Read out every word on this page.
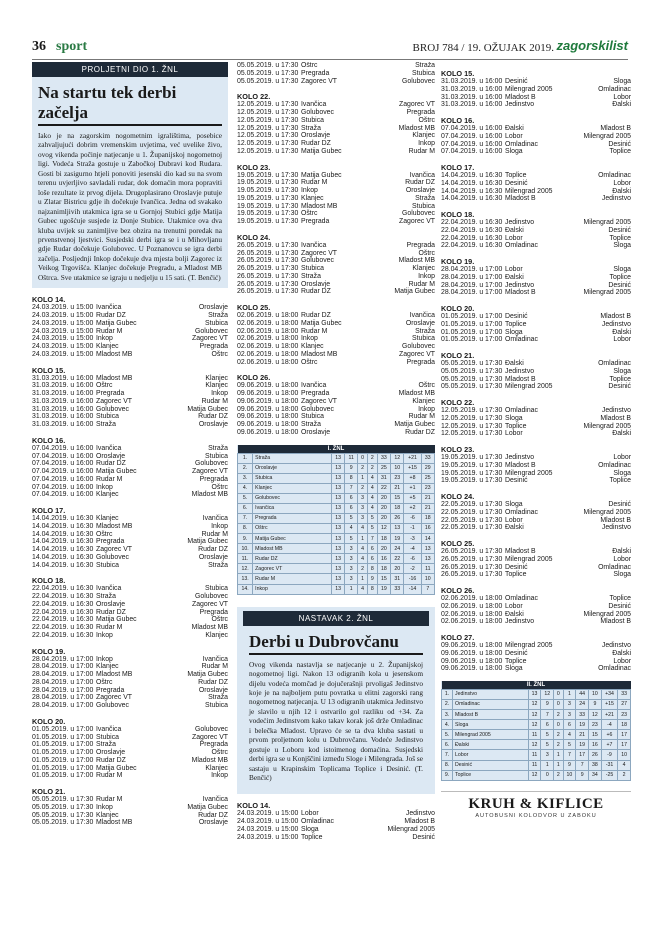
36 sport	BROJ 784 / 19. OŽUJAK 2019. zagorskilist
PROLJETNI DIO 1. ŽNL
Na startu tek derbi začelja

Iako je na zagorskim nogometnim igralištima, posebice zahvaljujući dobrim vremenskim uvjetima, već uvelike živo, ovog vikenda počinje natjecanje u 1. Županijskoj nogometnoj ligi. Vodeća Straža gostuje u Zabočkoj Dubravi kod Rudara. Gosti bi zasigurno htjeli ponoviti jesenski dio kad su na svom terenu uvjerljivo savladali rudar, dok domaćin mora popraviti loše rezultate iz prvog dijela. Drugoplasirano Oroslavje putuje u Zlatar Bistricu gdje ih dočekuje Ivančica. Jedna od svakako najzanimljivih utakmica igra se u Gornjoj Stubici gdje Matija Gubec ugošćuje susjede iz Donje Stubice. Utakmice ova dva kluba uvijek su zanimljive bez obzira na trenutni poredak na prvenstvenoj ljestvici. Susjedski derbi igra se i u Mihovljanu gdje Rudar dočekuje Golubovec. U Poznanovcu se igra derbi začelja. Posljednji Inkop dočekuje dva mjesta bolji Zagorec iz Veikog Trgovišća. Klanjec dočekuje Pregradu, a Mladost MB Oštrca. Sve utakmice se igraju u nedjelju u 15 sati. (T. Benčić)

KOLO 14.
24.03.2019. u 15:00 Ivančica	Oroslavje
24.03.2019. u 15:00 Rudar DZ	Straža
24.03.2019. u 15:00 Matija Gubec	Stubica
24.03.2019. u 15:00 Rudar M	Golubovec
24.03.2019. u 15:00 Inkop	Zagorec VT
24.03.2019. u 15:00 Klanjec	Pregrada
24.03.2019. u 15:00 Mladost MB	Oštrc
KOLO 15.
31.03.2019. u 16:00 Mladost MB	Klanjec
31.03.2019. u 16:00 Oštrc	Klanjec
31.03.2019. u 16:00 Pregrada	Inkop
31.03.2019. u 16:00 Zagorec VT	Rudar M
31.03.2019. u 16:00 Golubovec	Matija Gubec
31.03.2019. u 16:00 Stubica	Rudar DZ
31.03.2019. u 16:00 Straža	Oroslavje
KOLO 16.
07.04.2019. u 16:00 Ivančica	Straža
07.04.2019. u 16:00 Oroslavje	Stubica
07.04.2019. u 16:00 Rudar DZ	Golubovec
07.04.2019. u 16:00 Matija Gubec	Zagorec VT
07.04.2019. u 16:00 Rudar M	Pregrada
07.04.2019. u 16:00 Inkop	Oštrc
07.04.2019. u 16:00 Klanjec	Mladost MB
KOLO 17.
14.04.2019. u 16:30 Klanjec	Ivančica
14.04.2019. u 16:30 Mladost MB	Inkop
14.04.2019. u 16:30 Oštrc	Rudar M
14.04.2019. u 16:30 Pregrada	Matija Gubec
14.04.2019. u 16:30 Zagorec VT	Rudar DZ
14.04.2019. u 16:30 Golubovec	Oroslavje
14.04.2019. u 16:30 Stubica	Straža
KOLO 18.
22.04.2019. u 16:30 Ivančica	Stubica
22.04.2019. u 16:30 Straža	Golubovec
22.04.2019. u 16:30 Oroslavje	Zagorec VT
22.04.2019. u 16:30 Rudar DZ	Pregrada
22.04.2019. u 16:30 Matija Gubec	Oštrc
22.04.2019. u 16:30 Rudar M	Mladost MB
22.04.2019. u 16:30 Inkop	Klanjec
KOLO 19.
28.04.2019. u 17:00 Inkop	Ivančica
28.04.2019. u 17:00 Klanjec	Rudar M
28.04.2019. u 17:00 Mladost MB	Matija Gubec
28.04.2019. u 17:00 Oštrc	Rudar DZ
28.04.2019. u 17:00 Pregrada	Oroslavje
28.04.2019. u 17:00 Zagorec VT	Straža
28.04.2019. u 17:00 Golubovec	Stubica
KOLO 20.
01.05.2019. u 17:00 Ivančica	Golubovec
01.05.2019. u 17:00 Stubica	Zagorec VT
01.05.2019. u 17:00 Straža	Pregrada
01.05.2019. u 17:00 Oroslavje	Oštrc
01.05.2019. u 17:00 Rudar DZ	Mladost MB
01.05.2019. u 17:00 Matija Gubec	Klanjec
01.05.2019. u 17:00 Rudar M	Inkop
KOLO 21.
05.05.2019. u 17:30 Rudar M	Ivančica
05.05.2019. u 17:30 Inkop	Matija Gubec
05.05.2019. u 17:30 Klanjec	Rudar DZ
05.05.2019. u 17:30 Mladost MB	Oroslavje
05.05.2019. u 17:30 Oštrc	Straža
05.05.2019. u 17:30 Pregrada	Stubica
05.05.2019. u 17:30 Zagorec VT	Golubovec
KOLO 22.
12.05.2019. u 17:30 Ivančica	Zagorec VT
12.05.2019. u 17:30 Golubovec	Pregrada
12.05.2019. u 17:30 Stubica	Oštrc
12.05.2019. u 17:30 Straža	Mladost MB
12.05.2019. u 17:30 Oroslavje	Klanjec
12.05.2019. u 17:30 Rudar DZ	Inkop
12.05.2019. u 17:30 Matija Gubec	Rudar M
KOLO 23.
19.05.2019. u 17:30 Matija Gubec	Ivančica
19.05.2019. u 17:30 Rudar M	Rudar DZ
19.05.2019. u 17:30 Inkop	Oroslavje
19.05.2019. u 17:30 Klanjec	Straža
19.05.2019. u 17:30 Mladost MB	Stubica
19.05.2019. u 17:30 Oštrc	Golubovec
19.05.2019. u 17:30 Pregrada	Zagorec VT
KOLO 24.
26.05.2019. u 17:30 Ivančica	Pregrada
26.05.2019. u 17:30 Zagorec VT	Oštrc
26.05.2019. u 17:30 Golubovec	Mladost MB
26.05.2019. u 17:30 Stubica	Klanjec
26.05.2019. u 17:30 Straža	Inkop
26.05.2019. u 17:30 Oroslavje	Rudar M
26.05.2019. u 17:30 Rudar DZ	Matija Gubec
KOLO 25.
02.06.2019. u 18:00 Rudar DZ	Ivančica
02.06.2019. u 18:00 Matija Gubec	Oroslavje
02.06.2019. u 18:00 Rudar M	Straža
02.06.2019. u 18:00 Inkop	Stubica
02.06.2019. u 18:00 Klanjec	Golubovec
02.06.2019. u 18:00 Mladost MB	Zagorec VT
02.06.2019. u 18:00 Oštrc	Pregrada
KOLO 26.
09.06.2019. u 18:00 Ivančica	Oštrc
09.06.2019. u 18:00 Pregrada	Mladost MB
09.06.2019. u 18:00 Zagorec VT	Klanjec
09.06.2019. u 18:00 Golubovec	Inkop
09.06.2019. u 18:00 Stubica	Rudar M
09.06.2019. u 18:00 Straža	Matija Gubec
09.06.2019. u 18:00 Oroslavje	Rudar DZ
I. ŽNL									
1.	Straža	13	11	0	2	33	12	+21	33
2.	Oroslavje	13	9	2	2	25	10	+15	29
3.	Stubica	13	8	1	4	31	23	+8	25
4.	Klanjec	13	7	2	4	22	21	+1	23
5.	Golubovec	13	6	3	4	20	15	+5	21
6.	Ivančica	13	6	3	4	20	18	+2	21
7.	Pregrada	13	5	3	5	20	26	-6	18
8.	Oštrc	13	4	4	5	12	13	-1	16
9.	Matija Gubec	13	5	1	7	18	19	-3	14
10.	Mladost MB	13	3	4	6	20	24	-4	13
11.	Rudar DZ	13	3	4	6	16	22	-6	13
12.	Zagorec VT	13	3	2	8	18	20	-2	11
13.	Rudar M	13	3	1	9	15	31	-16	10
14.	Inkop	13	1	4	8	19	33	-14	7
NASTAVAK 2. ŽNL
Derbi u Dubrovčanu

Ovog vikenda nastavlja se natjecanje u 2. Županijskoj nogometnoj ligi. Nakon 13 odigranih kola u jesenskom dijelu vodeća momčad je dojučerašnji prvoligaš Jedinstvo koje je na najboljem putu povratka u elitni zagorski rang nogometnog natjecanja. U 13 odigranih utakmica Jedinstvo je slavilo u njih 12 i ostvarilo gol razliku od +34. Za vodećim Jedinstvom kako takav korak još drže Omladinac i belečka Mladost. Upravo će se ta dva kluba sastati u prvom proljetnom kolu u Dubrovčanu. Vodeće Jedinstvo gostuje u Loboru kod istoimenog domaćina. Susjedski derbi igra se u Konjščini između Sloge i Milengrada. Još se sastaju u Krapinskim Toplicama Toplice i Desinić. (T. Benčić)

KOLO 14.
24.03.2019. u 15:00 Lobor	Jedinstvo
24.03.2019. u 15:00 Omladinac	Mladost B
24.03.2019. u 15:00 Sloga	Milengrad 2005
24.03.2019. u 15:00 Toplice	Desinić
KOLO 15.
31.03.2019. u 16:00 Desinić	Sloga
31.03.2019. u 16:00 Milengrad 2005	Omladinac
31.03.2019. u 16:00 Mladost B	Lobor
31.03.2019. u 16:00 Jedinstvo	Đalski
KOLO 16.
07.04.2019. u 16:00 Đalski	Mladost B
07.04.2019. u 16:00 Lobor	Milengrad 2005
07.04.2019. u 16:00 Omladinac	Desinić
07.04.2019. u 16:00 Sloga	Toplice
KOLO 17.
14.04.2019. u 16:30 Toplice	Omladinac
14.04.2019. u 16:30 Desinić	Lobor
14.04.2019. u 16:30 Milengrad 2005	Đalski
14.04.2019. u 16:30 Mladost B	Jedinstvo
KOLO 18.
22.04.2019. u 16:30 Jedinstvo	Milengrad 2005
22.04.2019. u 16:30 Đalski	Desinić
22.04.2019. u 16:30 Lobor	Toplice
22.04.2019. u 16:30 Omladinac	Sloga
KOLO 19.
28.04.2019. u 17:00 Lobor	Sloga
28.04.2019. u 17:00 Đalski	Toplice
28.04.2019. u 17:00 Jedinstvo	Desinić
28.04.2019. u 17:00 Mladost B	Milengrad 2005
KOLO 20.
01.05.2019. u 17:00 Desinić	Mladost B
01.05.2019. u 17:00 Toplice	Jedinstvo
01.05.2019. u 17:00 Sloga	Đalski
01.05.2019. u 17:00 Omladinac	Lobor
KOLO 21.
05.05.2019. u 17:30 Đalski	Omladinac
05.05.2019. u 17:30 Jedinstvo	Sloga
05.05.2019. u 17:30 Mladost B	Toplice
05.05.2019. u 17:30 Milengrad 2005	Desinić
KOLO 22.
12.05.2019. u 17:30 Omladinac	Jedinstvo
12.05.2019. u 17:30 Sloga	Mladost B
12.05.2019. u 17:30 Toplice	Milengrad 2005
12.05.2019. u 17:30 Lobor	Đalski
KOLO 23.
19.05.2019. u 17:30 Jedinstvo	Lobor
19.05.2019. u 17:30 Mladost B	Omladinac
19.05.2019. u 17:30 Milengrad 2005	Sloga
19.05.2019. u 17:30 Desinić	Toplice
KOLO 24.
22.05.2019. u 17:30 Sloga	Desinić
22.05.2019. u 17:30 Omladinac	Milengrad 2005
22.05.2019. u 17:30 Lobor	Mladost B
22.05.2019. u 17:30 Đalski	Jedinstvo
KOLO 25.
26.05.2019. u 17:30 Mladost B	Đalski
26.05.2019. u 17:30 Milengrad 2005	Lobor
26.05.2019. u 17:30 Desinić	Omladinac
26.05.2019. u 17:30 Toplice	Sloga
KOLO 26.
02.06.2019. u 18:00 Omladinac	Toplice
02.06.2019. u 18:00 Lobor	Desinić
02.06.2019. u 18:00 Đalski	Milengrad 2005
02.06.2019. u 18:00 Jedinstvo	Mladost B
KOLO 27.
09.06.2019. u 18:00 Milengrad 2005	Jedinstvo
09.06.2019. u 18:00 Desinić	Đalski
09.06.2019. u 18:00 Toplice	Lobor
09.06.2019. u 18:00 Sloga	Omladinac
II. ŽNL									
1.	Jedinstvo	13	12	0	1	44	10	+34	33
2.	Omladinac	12	9	0	3	24	9	+15	27
3.	Mladost B	12	7	2	3	33	12	+21	23
4.	Sloga	12	6	0	6	19	23	-4	18
5.	Milengrad 2005	11	5	2	4	21	15	+6	17
6.	Đalski	12	5	2	5	19	16	+7	17
7.	Lobor	11	3	1	7	17	26	-9	10
8.	Desinić	11	1	1	9	7	38	-31	4
9.	Toplice	12	0	2	10	9	34	-25	2
KRUH & KIFLICE
AUTOBUSNI KOLODVOR U ZABOKU
